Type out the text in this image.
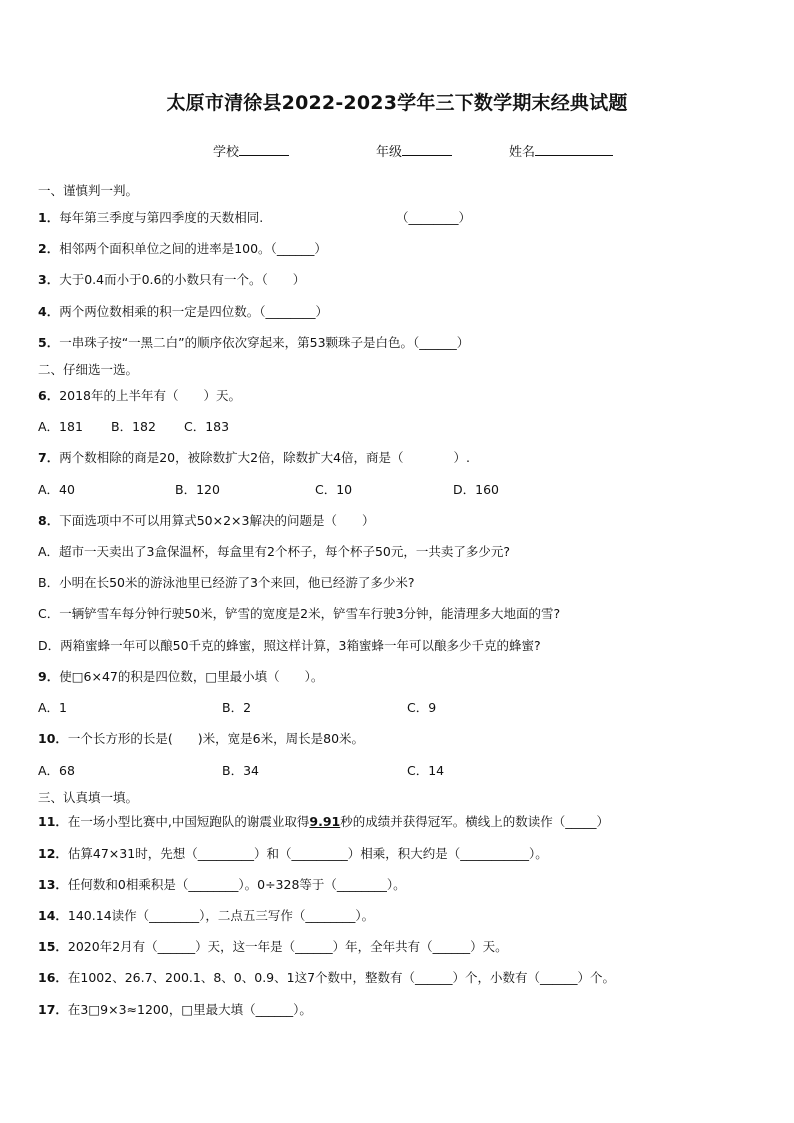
太原市清徐县2022-2023学年三下数学期末经典试题
学校	年级	姓名
一、谨慎判一判。
1．每年第三季度与第四季度的天数相同.	（________）
2．相邻两个面积单位之间的进率是100。（______）
3．大于0.4而小于0.6的小数只有一个。（　　）
4．两个两位数相乘的积一定是四位数。（________）
5．一串珠子按“一黑二白”的顺序依次穿起来，第53颗珠子是白色。（______）
二、仔细选一选。
6．2018年的上半年有（　　）天。
A．181 B．182 C．183
7．两个数相除的商是20，被除数扩大2倍，除数扩大4倍，商是（　　　　）.
A．40	B．120	C．10	D．160
8．下面选项中不可以用算式50×2×3解决的问题是（　　）
A．超市一天卖出了3盒保温杯，每盒里有2个杯子，每个杯子50元，一共卖了多少元?
B．小明在长50米的游泳池里已经游了3个来回，他已经游了多少米?
C．一辆铲雪车每分钟行驶50米，铲雪的宽度是2米，铲雪车行驶3分钟，能清理多大地面的雪?
D．两箱蜜蜂一年可以酿50千克的蜂蜜，照这样计算，3箱蜜蜂一年可以酿多少千克的蜂蜜?
9．使□6×47的积是四位数，□里最小填（　　）。
A．1	B．2	C．9
10．一个长方形的长是(　　)米，宽是6米，周长是80米。
A．68	B．34	C．14
三、认真填一填。
11．在一场小型比赛中,中国短跑队的谢震业取得9.91秒的成绩并获得冠军。横线上的数读作（_____）
12．估算47×31时，先想（_________）和（_________）相乘，积大约是（___________）。
13．任何数和0相乘积是（________）。0÷328等于（________）。
14．140.14读作（________），二点五三写作（________）。
15．2020年2月有（______）天，这一年是（______）年，全年共有（______）天。
16．在1002、26.7、200.1、8、0、0.9、1这7个数中，整数有（______）个，小数有（______）个。
17．在3□9×3≈1200，□里最大填（______）。
